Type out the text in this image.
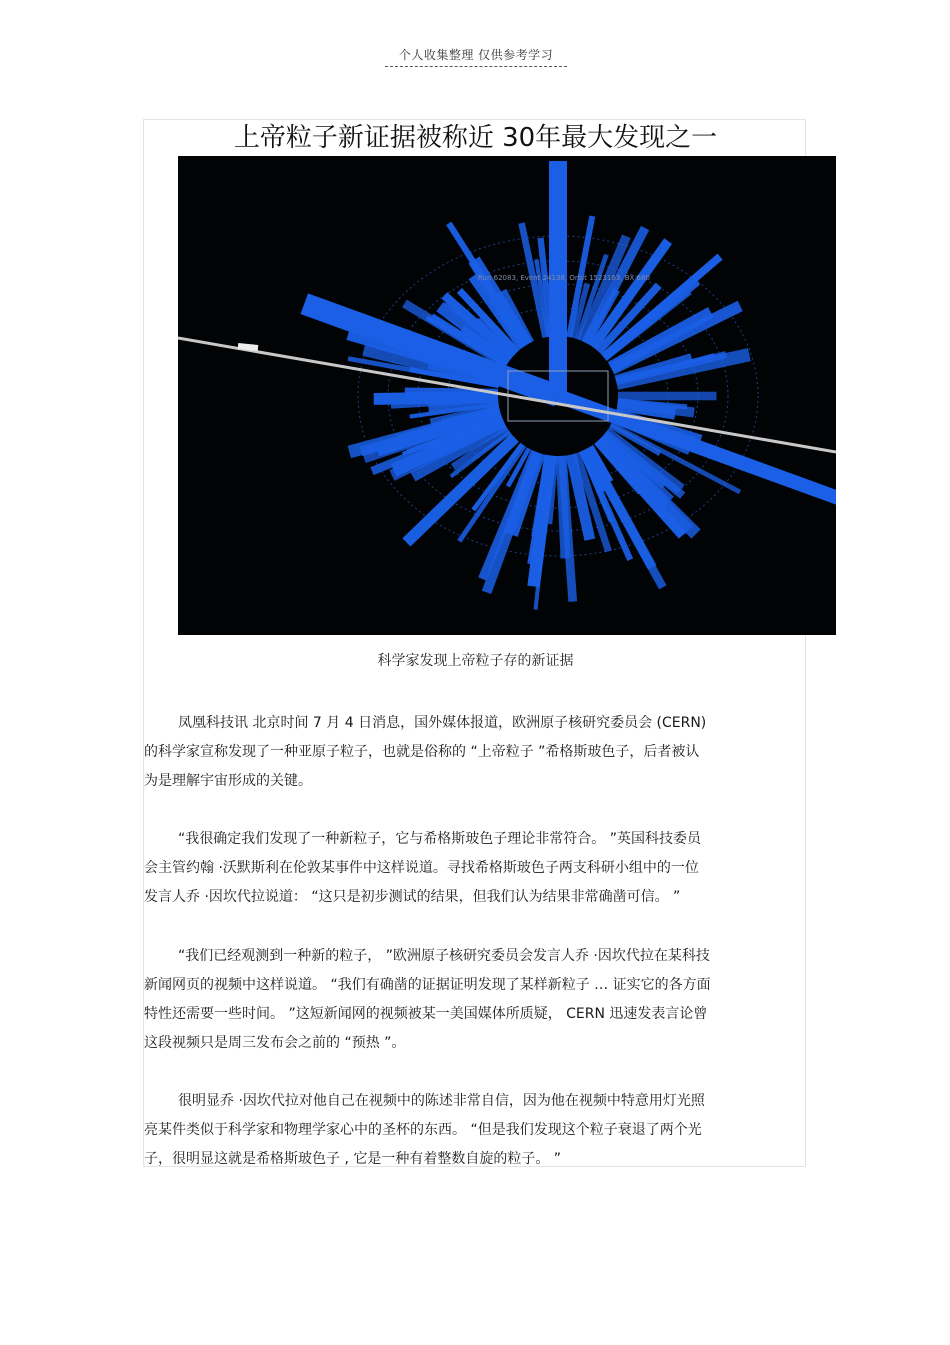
个人收集整理 仅供参考学习
上帝粒子新证据被称近 30年最大发现之一
Run 62083, Event 24138, Orbit 1523163, BX 680
科学家发现上帝粒子存的新证据
凤凰科技讯 北京时间 7 月 4 日消息，国外媒体报道，欧洲原子核研究委员会 (CERN)
的科学家宣称发现了一种亚原子粒子，也就是俗称的 “上帝粒子 ”希格斯玻色子，后者被认
为是理解宇宙形成的关键。
“我很确定我们发现了一种新粒子，它与希格斯玻色子理论非常符合。 ”英国科技委员
会主管约翰 ·沃默斯利在伦敦某事件中这样说道。寻找希格斯玻色子两支科研小组中的一位
发言人乔 ·因坎代拉说道： “这只是初步测试的结果，但我们认为结果非常确凿可信。 ”
“我们已经观测到一种新的粒子， ”欧洲原子核研究委员会发言人乔 ·因坎代拉在某科技
新闻网页的视频中这样说道。 “我们有确凿的证据证明发现了某样新粒子 … 证实它的各方面
特性还需要一些时间。 ”这短新闻网的视频被某一美国媒体所质疑， CERN 迅速发表言论曾
这段视频只是周三发布会之前的 “预热 ”。
很明显乔 ·因坎代拉对他自己在视频中的陈述非常自信，因为他在视频中特意用灯光照
亮某件类似于科学家和物理学家心中的圣杯的东西。 “但是我们发现这个粒子衰退了两个光
子，很明显这就是希格斯玻色子 , 它是一种有着整数自旋的粒子。 ”
